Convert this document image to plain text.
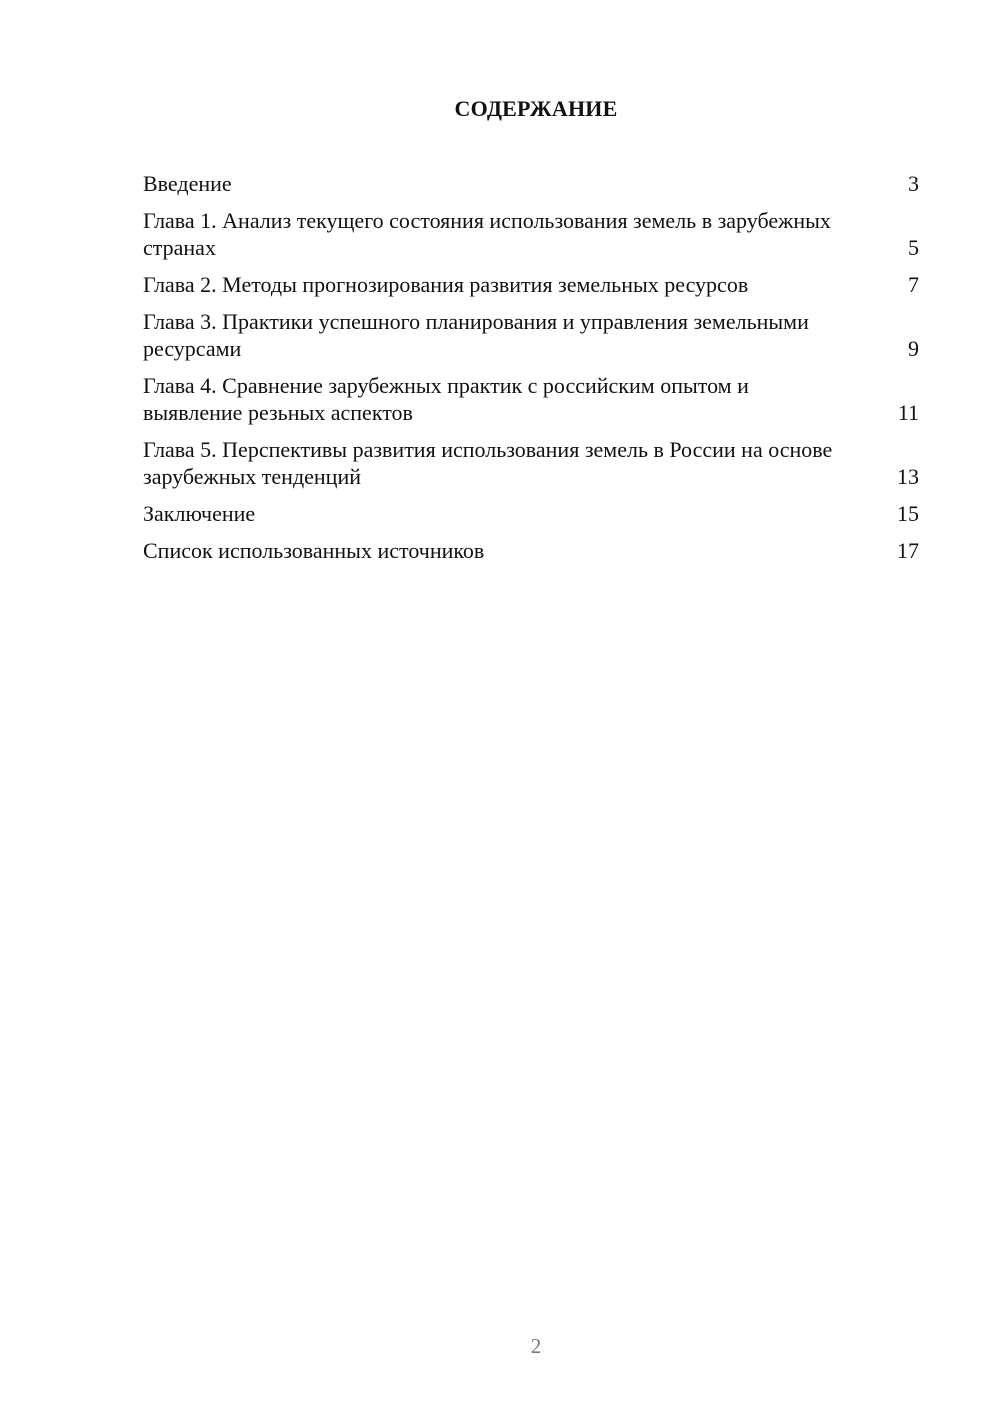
СОДЕРЖАНИЕ
Введение	3
Глава 1. Анализ текущего состояния использования земель в зарубежных странах	5
Глава 2. Методы прогнозирования развития земельных ресурсов	7
Глава 3. Практики успешного планирования и управления земельными ресурсами	9
Глава 4. Сравнение зарубежных практик с российским опытом и выявление резьных аспектов	11
Глава 5. Перспективы развития использования земель в России на основе зарубежных тенденций	13
Заключение	15
Список использованных источников	17

2
